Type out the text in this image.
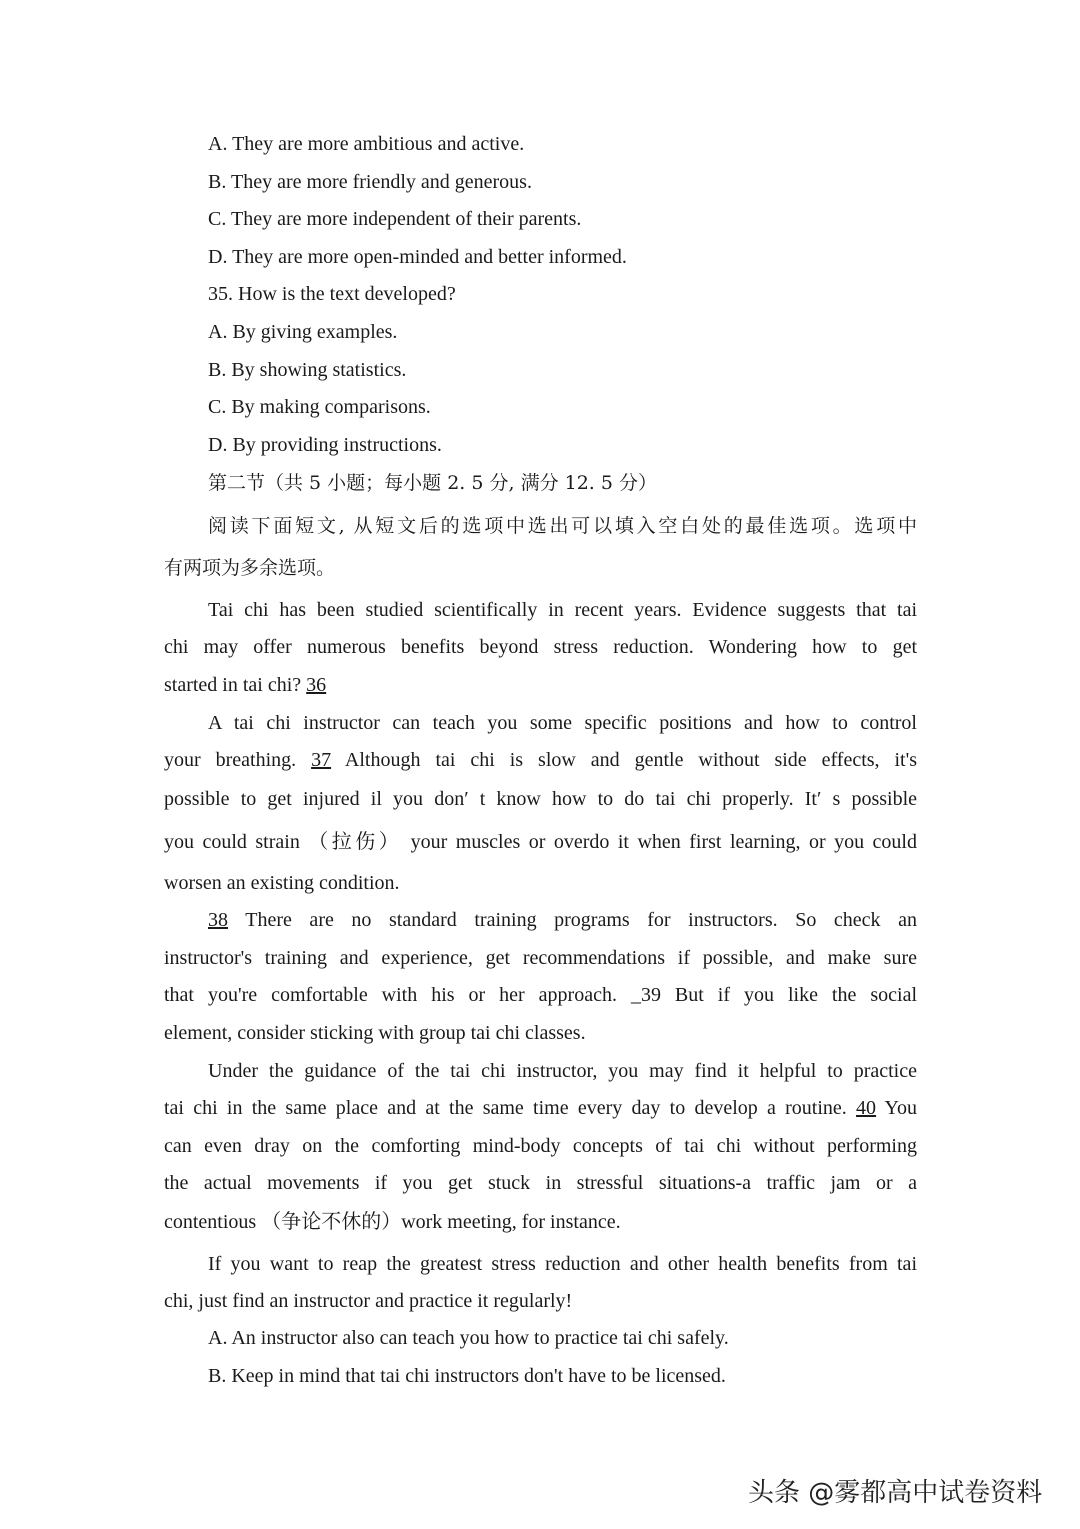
A. They are more ambitious and active.
B. They are more friendly and generous.
C. They are more independent of their parents.
D. They are more open-minded and better informed.
35. How is the text developed?
A. By giving examples.
B. By showing statistics.
C. By making comparisons.
D. By providing instructions.
第二节（共 5 小题；每小题 2. 5 分, 满分 12. 5 分）
阅读下面短文, 从短文后的选项中选出可以填入空白处的最佳选项。选项中
有两项为多余选项。
Tai chi has been studied scientifically in recent years. Evidence suggests that tai
chi may offer numerous benefits beyond stress reduction. Wondering how to get
started in tai chi? 36
A tai chi instructor can teach you some specific positions and how to control
your breathing. 37 Although tai chi is slow and gentle without side effects, it's
possible to get injured il you don′ t know how to do tai chi properly. It′ s possible
you could strain （拉伤） your muscles or overdo it when first learning, or you could
worsen an existing condition.
38 There are no standard training programs for instructors. So check an
instructor's training and experience, get recommendations if possible, and make sure
that you're comfortable with his or her approach. _39 But if you like the social
element, consider sticking with group tai chi classes.
Under the guidance of the tai chi instructor, you may find it helpful to practice
tai chi in the same place and at the same time every day to develop a routine. 40 You
can even dray on the comforting mind-body concepts of tai chi without performing
the actual movements if you get stuck in stressful situations-a traffic jam or a
contentious （争论不休的）work meeting, for instance.
If you want to reap the greatest stress reduction and other health benefits from tai
chi, just find an instructor and practice it regularly!
A. An instructor also can teach you how to practice tai chi safely.
B. Keep in mind that tai chi instructors don't have to be licensed.
头条 @雾都高中试卷资料
